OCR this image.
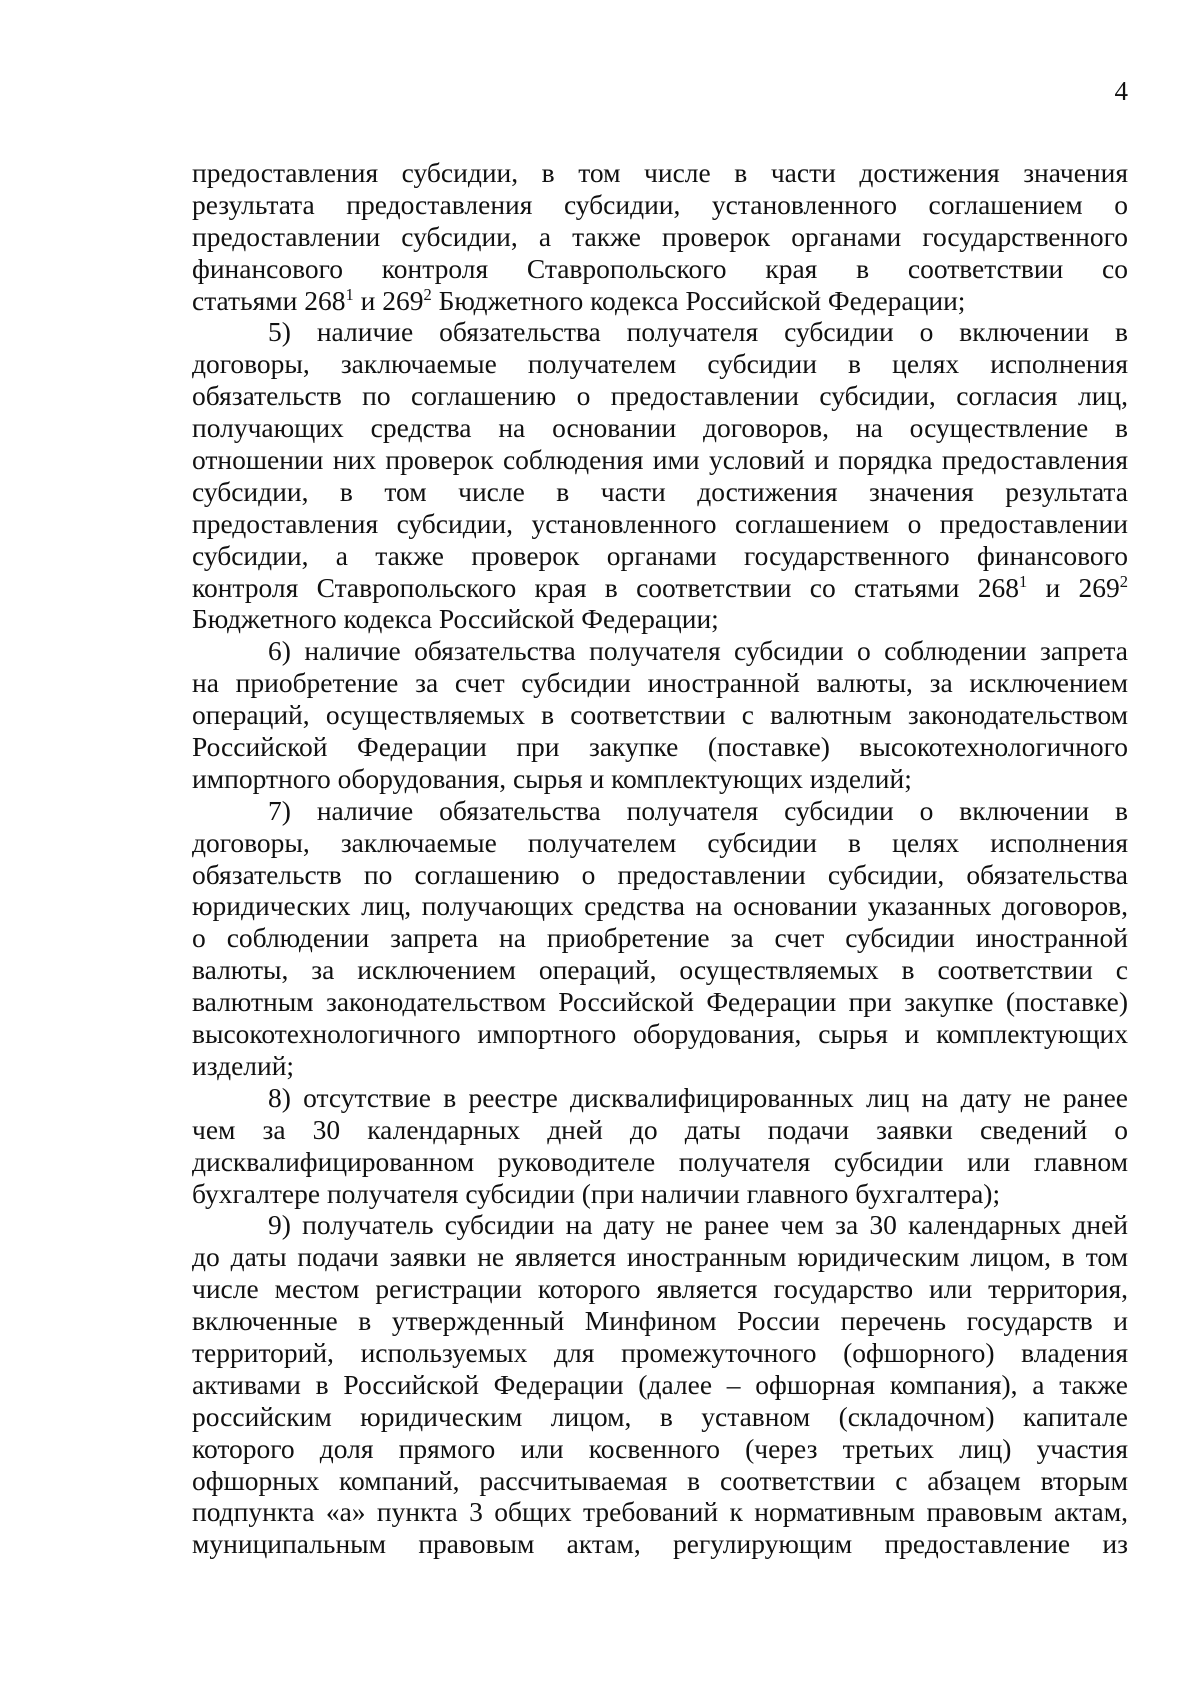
4
предоставления субсидии, в том числе в части достижения значения
результата предоставления субсидии, установленного соглашением о
предоставлении субсидии, а также проверок органами государственного
финансового контроля Ставропольского края в соответствии со
статьями $268^1$ и $269^2$ Бюджетного кодекса Российской Федерации;
5) наличие обязательства получателя субсидии о включении в
договоры, заключаемые получателем субсидии в целях исполнения
обязательств по соглашению о предоставлении субсидии, согласия лиц,
получающих средства на основании договоров, на осуществление в
отношении них проверок соблюдения ими условий и порядка предоставления
субсидии, в том числе в части достижения значения результата
предоставления субсидии, установленного соглашением о предоставлении
субсидии, а также проверок органами государственного финансового
контроля Ставропольского края в соответствии со статьями $268^1$ и $269^2$
Бюджетного кодекса Российской Федерации;
6) наличие обязательства получателя субсидии о соблюдении запрета
на приобретение за счет субсидии иностранной валюты, за исключением
операций, осуществляемых в соответствии с валютным законодательством
Российской Федерации при закупке (поставке) высокотехнологичного
импортного оборудования, сырья и комплектующих изделий;
7) наличие обязательства получателя субсидии о включении в
договоры, заключаемые получателем субсидии в целях исполнения
обязательств по соглашению о предоставлении субсидии, обязательства
юридических лиц, получающих средства на основании указанных договоров,
о соблюдении запрета на приобретение за счет субсидии иностранной
валюты, за исключением операций, осуществляемых в соответствии с
валютным законодательством Российской Федерации при закупке (поставке)
высокотехнологичного импортного оборудования, сырья и комплектующих
изделий;
8) отсутствие в реестре дисквалифицированных лиц на дату не ранее
чем за 30 календарных дней до даты подачи заявки сведений о
дисквалифицированном руководителе получателя субсидии или главном
бухгалтере получателя субсидии (при наличии главного бухгалтера);
9) получатель субсидии на дату не ранее чем за 30 календарных дней
до даты подачи заявки не является иностранным юридическим лицом, в том
числе местом регистрации которого является государство или территория,
включенные в утвержденный Минфином России перечень государств и
территорий, используемых для промежуточного (офшорного) владения
активами в Российской Федерации (далее – офшорная компания), а также
российским юридическим лицом, в уставном (складочном) капитале
которого доля прямого или косвенного (через третьих лиц) участия
офшорных компаний, рассчитываемая в соответствии с абзацем вторым
подпункта «а» пункта 3 общих требований к нормативным правовым актам,
муниципальным правовым актам, регулирующим предоставление из
